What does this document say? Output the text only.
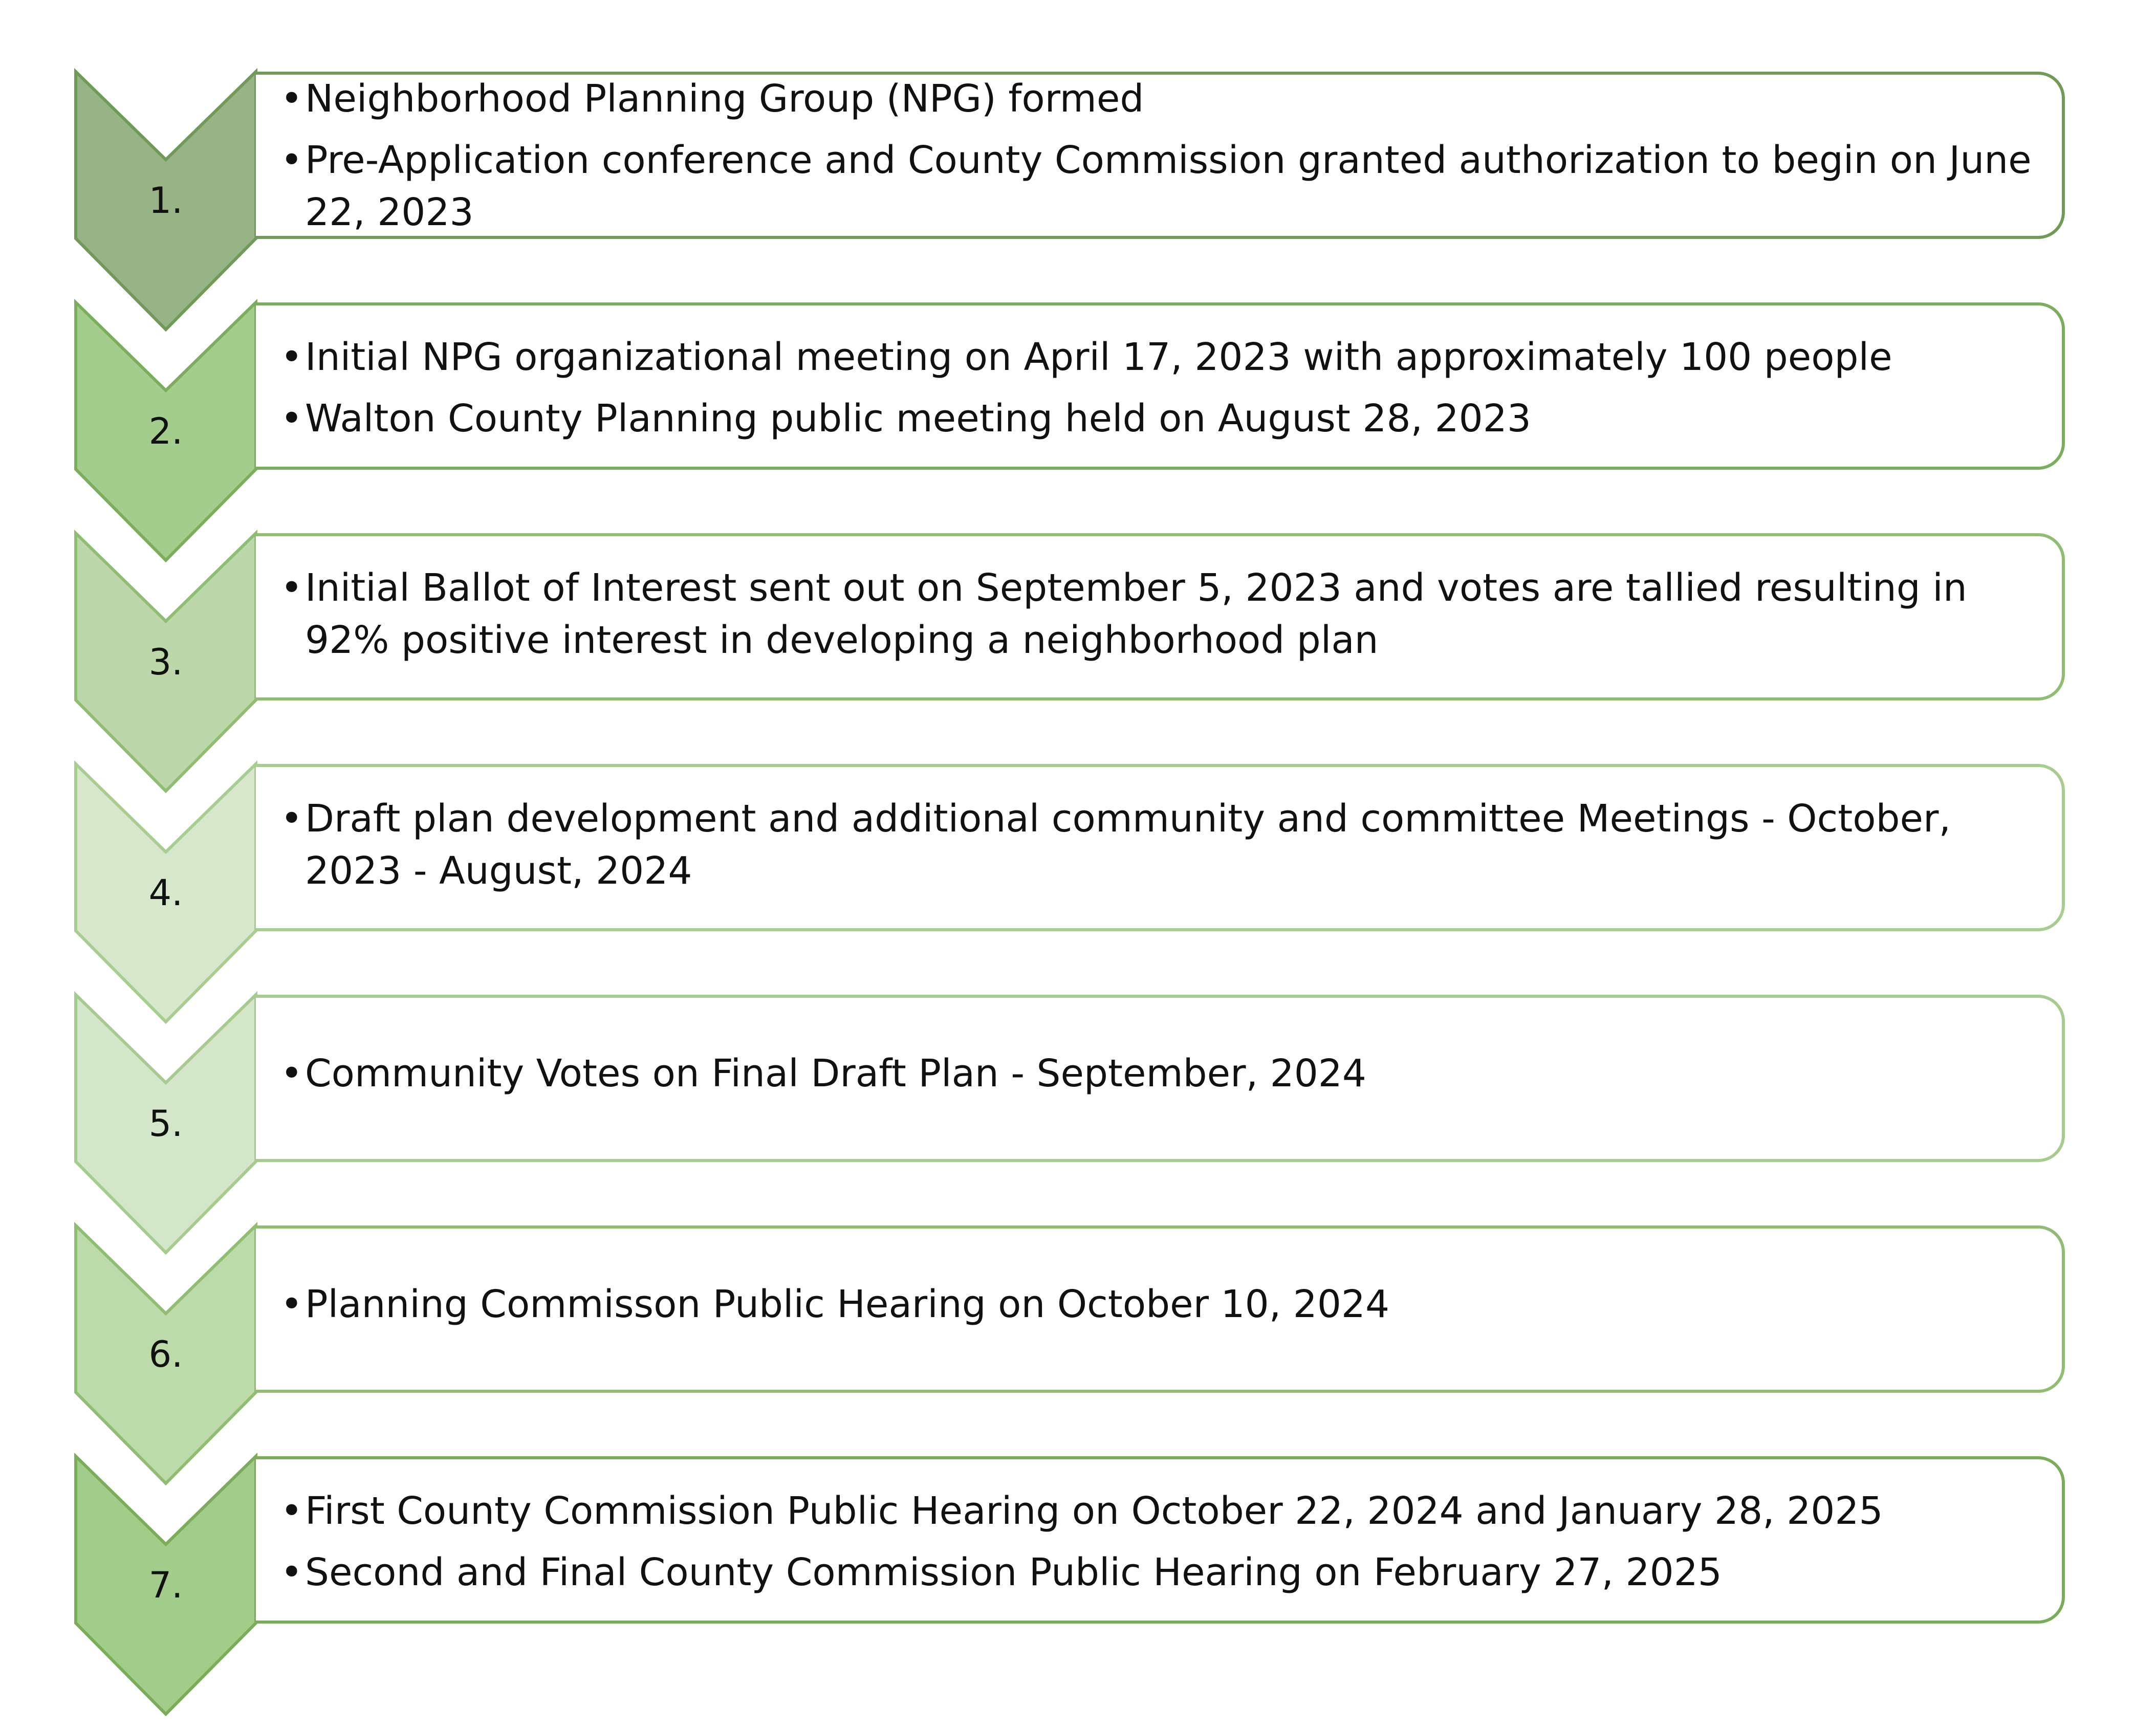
1.
2.
3.
4.
5.
6.
7.
• Neighborhood Planning Group (NPG) formed
• Pre-Application conference and County Commission granted authorization to begin on June 22, 2023
• Initial NPG organizational meeting on April 17, 2023 with approximately 100 people
• Walton County Planning public meeting held on August 28, 2023
• Initial Ballot of Interest sent out on September 5, 2023 and votes are tallied resulting in 92% positive interest in developing a neighborhood plan
• Draft plan development and additional community and committee Meetings - October, 2023 - August, 2024
• Community Votes on Final Draft Plan - September, 2024
• Planning Commisson Public Hearing on October 10, 2024
• First County Commission Public Hearing on October 22, 2024 and January 28, 2025
• Second and Final County Commission Public Hearing on February 27, 2025
